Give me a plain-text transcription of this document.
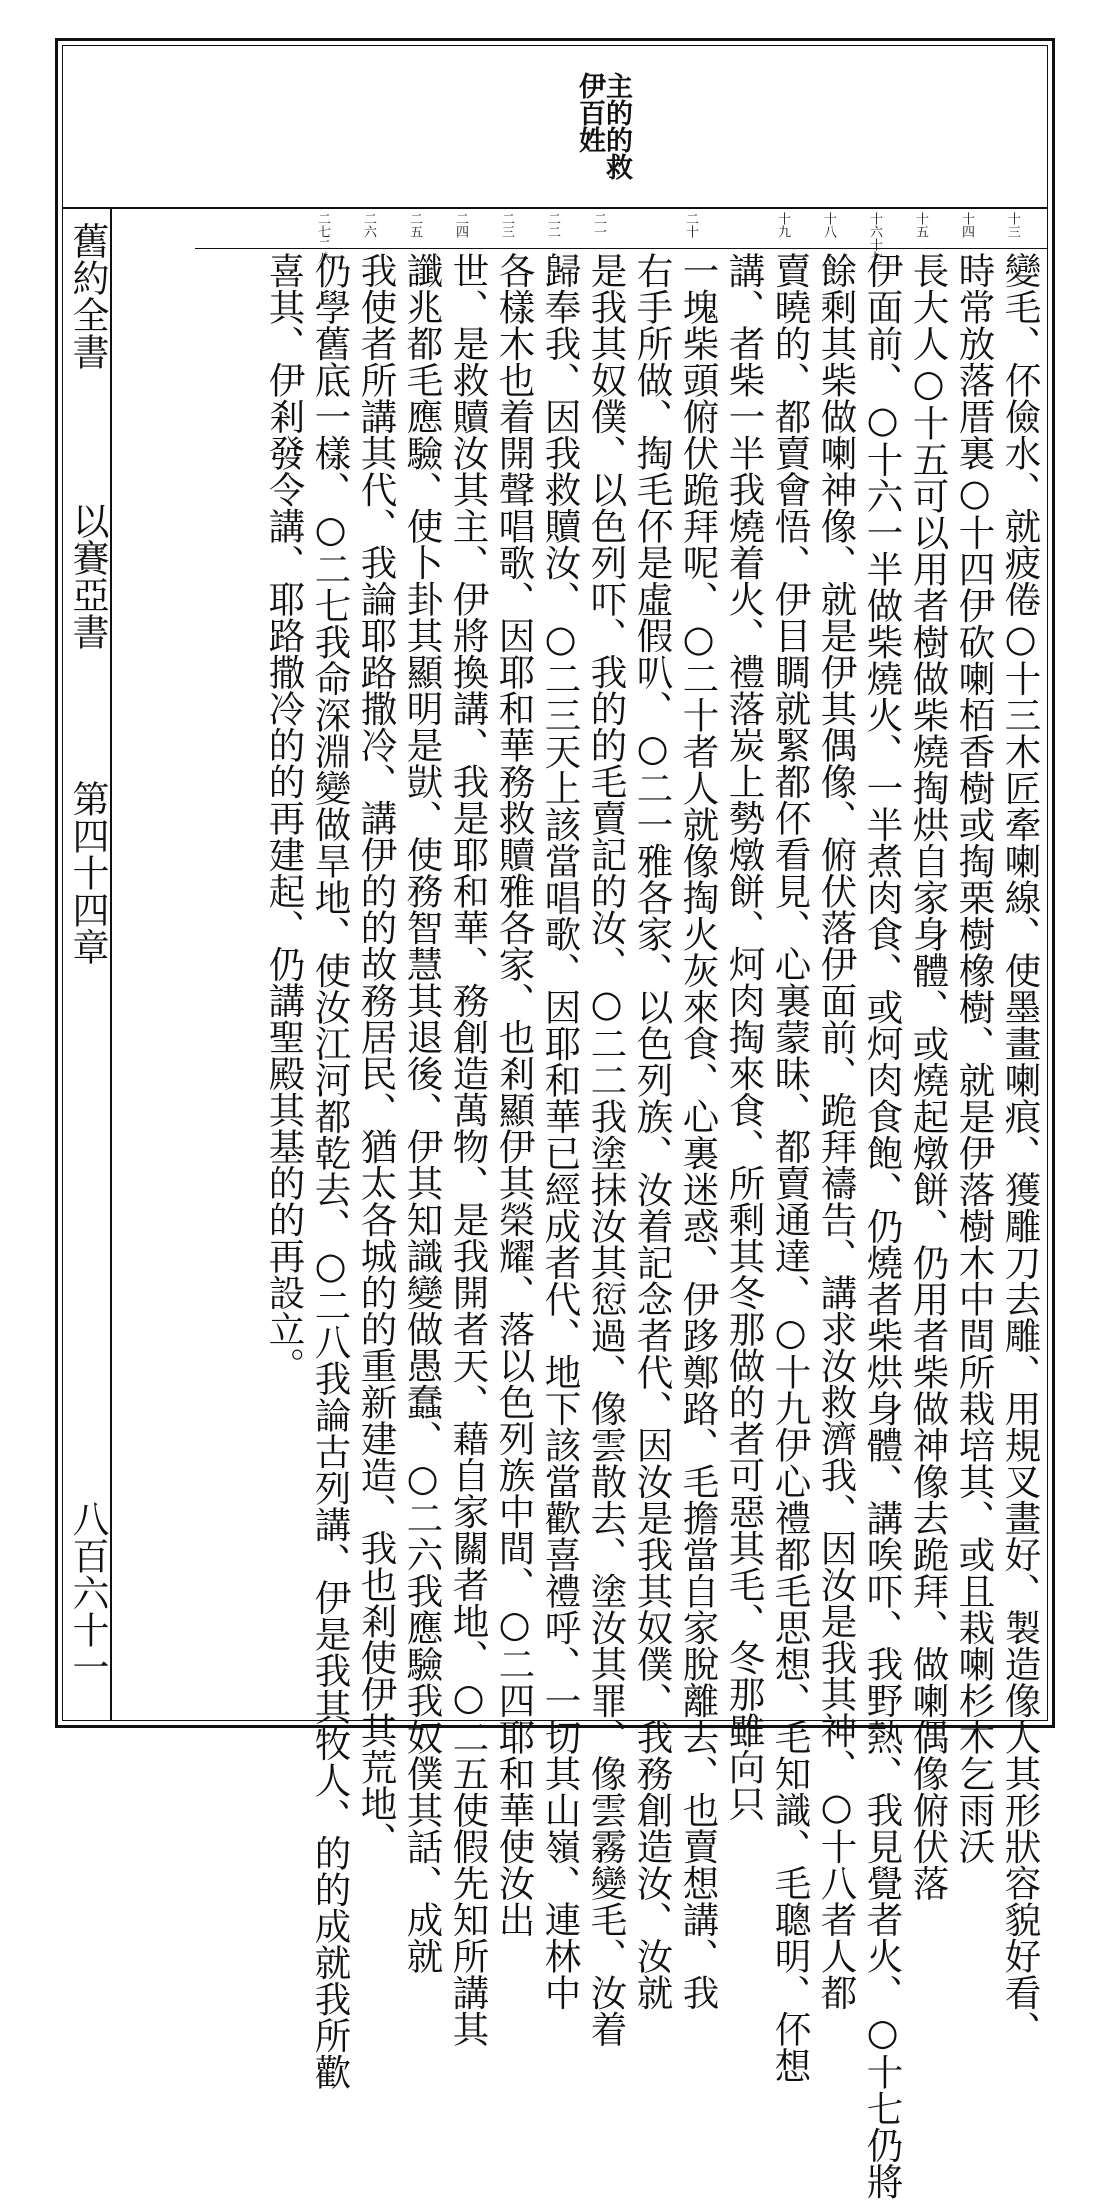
主的的救
伊百姓
舊約全書
以賽亞書
第四十四章
八百六十一
十三
十四
十五
十六十七
十八
十九
二十
二一
二二
二三
二四
二五
二六
二七二八
變毛、伓儉水、就疲倦○十三木匠牽喇線、使墨畫喇痕、獲雕刀去雕、用規叉畫好、製造像人其形狀容貌好看、
時常放落厝裏○十四伊砍喇栢香樹或掏栗樹橡樹、就是伊落樹木中間所栽培其、或且栽喇杉木乞雨沃
長大人○十五可以用者樹做柴燒掏烘自家身體、或燒起燉餅、仍用者柴做神像去跪拜、做喇偶像俯伏落
伊面前、○十六一半做柴燒火、一半煮肉食、或炣肉食飽、仍燒者柴烘身體、講唉吓、我野熱、我見覺者火、○十七仍將
餘剩其柴做喇神像、就是伊其偶像、俯伏落伊面前、跪拜禱告、講求汝救濟我、因汝是我其神、○十八者人都
賣曉的、都賣會悟、伊目睭就緊都伓看見、心裏蒙昧、都賣通達、○十九伊心禮都毛思想、毛知識、毛聰明、伓想
講、者柴一半我燒着火、禮落炭上勢燉餅、炣肉掏來食、所剩其冬那做的者可惡其毛、冬那雖向只
一塊柴頭俯伏跪拜呢、○二十者人就像掏火灰來食、心裏迷惑、伊跢鄭路、毛擔當自家脫離去、也賣想講、我
右手所做、掏毛伓是虛假叭、○二一雅各家、以色列族、汝着記念者代、因汝是我其奴僕、我務創造汝、汝就
是我其奴僕、以色列吓、我的的毛賣記的汝、○二二我塗抹汝其愆過、像雲散去、塗汝其罪、像雲霧變毛、汝着
歸奉我、因我救贖汝、○二三天上該當唱歌、因耶和華已經成者代、地下該當歡喜禮呼、一切其山嶺、連林中
各樣木也着開聲唱歌、因耶和華務救贖雅各家、也剎顯伊其榮耀、落以色列族中間、○二四耶和華使汝出
世、是救贖汝其主、伊將換講、我是耶和華、務創造萬物、是我開者天、藉自家關者地、○二五使假先知所講其
讖兆都毛應驗、使卜卦其顯明是獃、使務智慧其退後、伊其知識變做愚蠢、○二六我應驗我奴僕其話、成就
我使者所講其代、我論耶路撒冷、講伊的的故務居民、猶太各城的的重新建造、我也剎使伊其荒地、
仍學舊底一樣、○二七我命深淵變做旱地、使汝江河都乾去、○二八我論古列講、伊是我其牧人、的的成就我所歡
喜其、伊剎發令講、耶路撒冷的的再建起、仍講聖殿其基的的再設立。
